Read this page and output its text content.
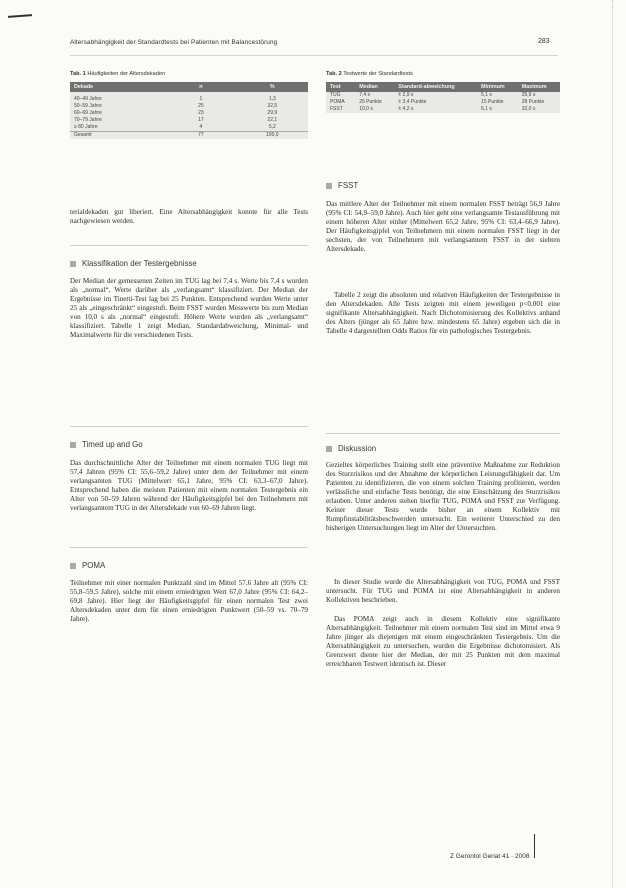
Altersabhängigkeit der Standardtests bei Patienten mit Balancestörung	283
Tab. 1 Häufigkeiten der Altersdekaden
Dekade	n	%
40–49 Jahre	1	1,3
50–59 Jahre	25	32,5
60–69 Jahre	23	29,9
70–79 Jahre	17	22,1
≥ 80 Jahre	4	5,2
Gesamt	77	100,0
Tab. 2 Testwerte der Standardtests
Test	Median	Standard-abweichung	Minimum	Maximum
TUG	7,4 s	± 2,9 s	5,1 s	25,9 s
POMA	25 Punkte	± 3,4 Punkte	15 Punkte	28 Punkte
FSST	10,0 s	± 4,2 s	6,1 s	32,0 s
terialdekaden gut liberiert. Eine Altersabhängigkeit konnte für alle Tests nachgewiesen werden.
Klassifikation der Testergebnisse
Der Median der gemessenen Zeiten im TUG lag bei 7,4 s. Werte bis 7,4 s wurden als „normal“, Werte darüber als „verlangsamt“ klassifiziert. Der Median der Ergebnisse im Tinetti-Test lag bei 25 Punkten. Entsprechend wurden Werte unter 25 als „eingeschränkt“ eingestuft. Beim FSST wurden Messwerte bis zum Median von 10,0 s als „normal“ eingestuft. Höhere Werte wurden als „verlangsamt“ klassifiziert. Tabelle 1 zeigt Median, Standardabweichung, Minimal- und Maximalwerte für die verschiedenen Tests.
Timed up and Go
Das durchschnittliche Alter der Teilnehmer mit einem normalen TUG liegt mit 57,4 Jahren (95% CI: 55,6–59,2 Jahre) unter dem der Teilnehmer mit einem verlangsamten TUG (Mittelwert 65,1 Jahre, 95% CI: 63,3–67,0 Jahre). Entsprechend haben die meisten Patienten mit einem normalen Testergebnis ein Alter von 50–59 Jahren während der Häufigkeitsgipfel bei den Teilnehmern mit verlangsamtem TUG in der Altersdekade von 60–69 Jahren liegt.
POMA
Teilnehmer mit einer normalen Punktzahl sind im Mittel 57,6 Jahre alt (95% CI: 55,8–59,5 Jahre), solche mit einem erniedrigten Wert 67,0 Jahre (95% CI: 64,2–69,8 Jahre). Hier liegt der Häufigkeitsgipfel für einen normalen Test zwei Altersdekaden unter dem für einen erniedrigten Punktwert (50–59 vs. 70–79 Jahre).
FSST
Das mittlere Alter der Teilnehmer mit einem normalen FSST beträgt 56,9 Jahre (95% CI: 54,9–59,0 Jahre). Auch hier geht eine verlangsamte Testausführung mit einem höheren Alter einher (Mittelwert 65,2 Jahre, 95% CI: 63,4–66,9 Jahre). Der Häufigkeitsgipfel von Teilnehmern mit einem normalen FSST liegt in der sechsten, der von Teilnehmern mit verlangsamtem FSST in der siebten Altersdekade.
Tabelle 2 zeigt die absoluten und relativen Häufigkeiten der Testergebnisse in den Altersdekaden. Alle Tests zeigten mit einem jeweiligen p<0,001 eine signifikante Altersabhängigkeit. Nach Dichotomisierung des Kollektivs anhand des Alters (jünger als 65 Jahre bzw. mindestens 65 Jahre) ergeben sich die in Tabelle 4 dargestellten Odds Ratios für ein pathologisches Testergebnis.
Diskussion
Gezieltes körperliches Training stellt eine präventive Maßnahme zur Reduktion des Sturzrisikos und der Abnahme der körperlichen Leistungsfähigkeit dar. Um Patienten zu identifizieren, die von einem solchen Training profitieren, werden verlässliche und einfache Tests benötigt, die eine Einschätzung des Sturzrisikos erlauben. Unter anderen stehen hierfür TUG, POMA und FSST zur Verfügung. Keiner dieser Tests wurde bisher an einem Kollektiv mit Rumpfinstabilitätsbeschwerden untersucht. Ein weiterer Unterschied zu den bisherigen Untersuchungen liegt im Alter der Untersuchten.
In dieser Studie wurde die Altersabhängigkeit von TUG, POMA und FSST untersucht. Für TUG und POMA ist eine Altersabhängigkeit in anderen Kollektiven beschrieben.
Das POMA zeigt auch in diesem Kollektiv eine signifikante Altersabhängigkeit. Teilnehmer mit einem normalen Test sind im Mittel etwa 9 Jahre jünger als diejenigen mit einem eingeschränkten Testergebnis. Um die Altersabhängigkeit zu untersuchen, wurden die Ergebnisse dichotomisiert. Als Grenzwert diente hier der Median, der mit 25 Punkten mit dem maximal erreichbaren Testwert identisch ist. Dieser
Z Gerontol Geriat 41 · 2008
